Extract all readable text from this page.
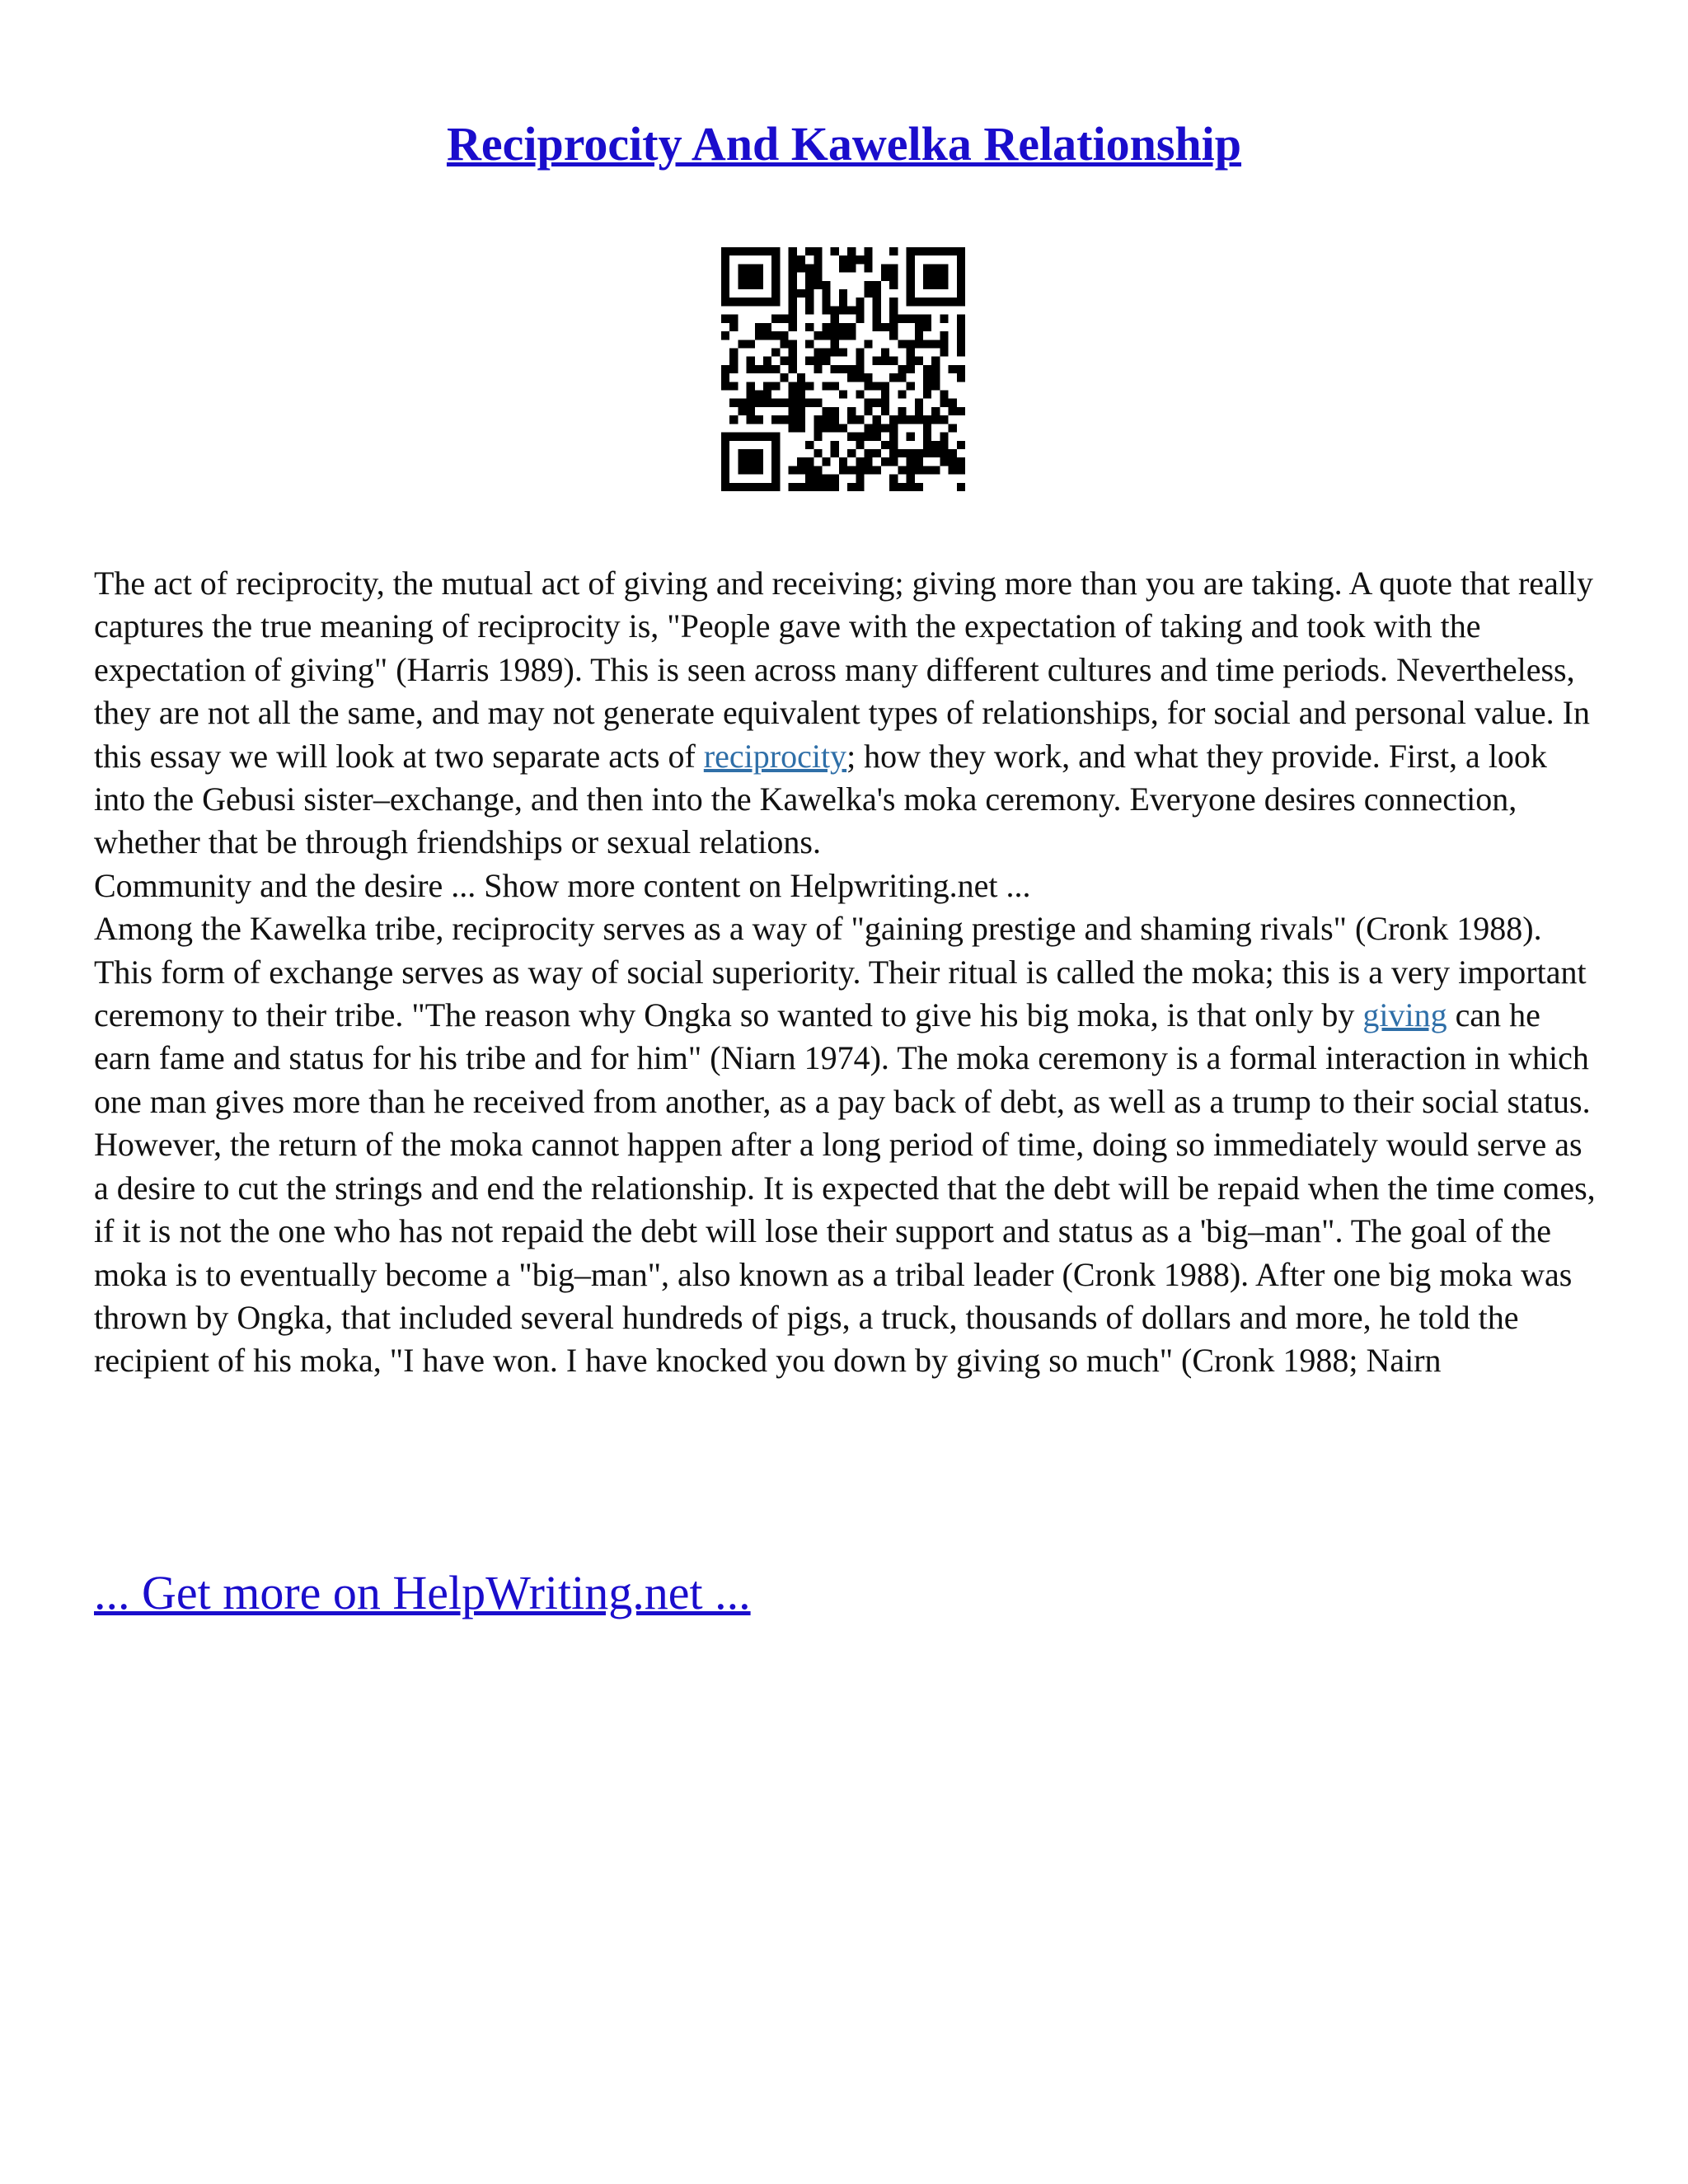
Reciprocity And Kawelka Relationship

The act of reciprocity, the mutual act of giving and receiving; giving more than you are taking. A quote that really captures the true meaning of reciprocity is, "People gave with the expectation of taking and took with the expectation of giving" (Harris 1989). This is seen across many different cultures and time periods. Nevertheless, they are not all the same, and may not generate equivalent types of relationships, for social and personal value. In this essay we will look at two separate acts of reciprocity; how they work, and what they provide. First, a look into the Gebusi sister–exchange, and then into the Kawelka's moka ceremony. Everyone desires connection, whether that be through friendships or sexual relations.

Community and the desire ... Show more content on Helpwriting.net ...

Among the Kawelka tribe, reciprocity serves as a way of "gaining prestige and shaming rivals" (Cronk 1988). This form of exchange serves as way of social superiority. Their ritual is called the moka; this is a very important ceremony to their tribe. "The reason why Ongka so wanted to give his big moka, is that only by giving can he earn fame and status for his tribe and for him" (Niarn 1974). The moka ceremony is a formal interaction in which one man gives more than he received from another, as a pay back of debt, as well as a trump to their social status. However, the return of the moka cannot happen after a long period of time, doing so immediately would serve as a desire to cut the strings and end the relationship. It is expected that the debt will be repaid when the time comes, if it is not the one who has not repaid the debt will lose their support and status as a 'big–man". The goal of the moka is to eventually become a "big–man", also known as a tribal leader (Cronk 1988). After one big moka was thrown by Ongka, that included several hundreds of pigs, a truck, thousands of dollars and more, he told the recipient of his moka, "I have won. I have knocked you down by giving so much" (Cronk 1988; Nairn

... Get more on HelpWriting.net ...
